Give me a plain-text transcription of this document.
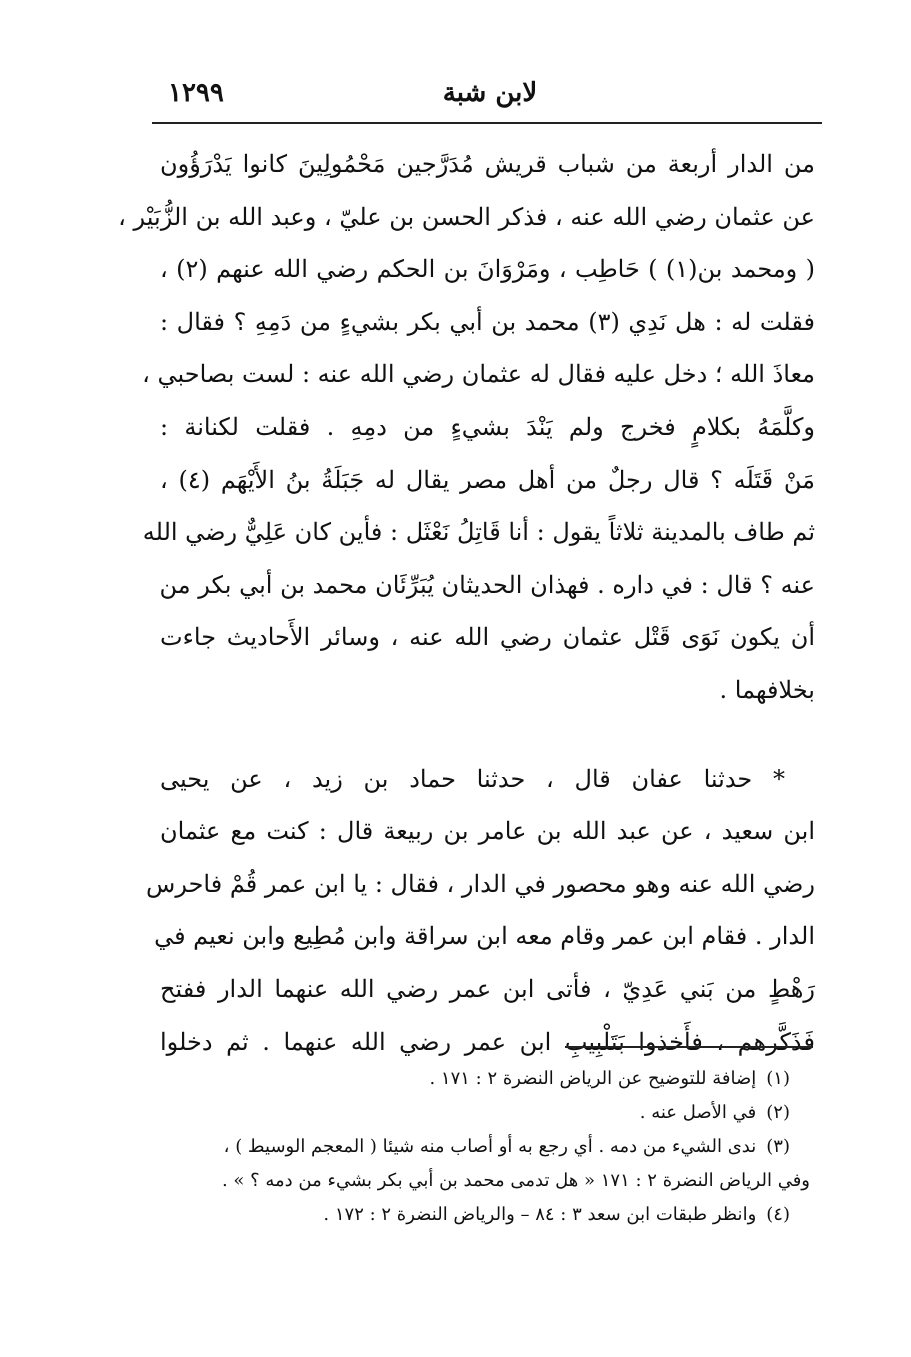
١٢٩٩	لابن شبة
من الدار أربعة من شباب قريش مُدَرَّجين مَحْمُولِينَ كانوا يَدْرَؤُون
عن عثمان رضي الله عنه ، فذكر الحسن بن عليّ ، وعبد الله بن الزُّبَيْر ،
( ومحمد بن(١) ) حَاطِب ، ومَرْوَانَ بن الحكم رضي الله عنهم (٢) ،
فقلت له : هل نَدِي (٣) محمد بن أبي بكر بشيءٍ من دَمِهِ ؟ فقال :
معاذَ الله ؛ دخل عليه فقال له عثمان رضي الله عنه : لست بصاحبي ،
وكلَّمَهُ بكلامٍ فخرج ولم يَنْدَ بشيءٍ من دمِهِ . فقلت لكنانة :
مَنْ قَتَلَه ؟ قال رجلٌ من أهل مصر يقال له جَبَلَةُ بنُ الأَيْهَم (٤) ،
ثم طاف بالمدينة ثلاثاً يقول : أنا قَاتِلُ نَعْثَل : فأين كان عَلِيٌّ رضي الله
عنه ؟ قال : في داره . فهذان الحديثان يُبَرِّئَان محمد بن أبي بكر من
أن يكون نَوَى قَتْل عثمان رضي الله عنه ، وسائر الأَحاديث جاءت
بخلافهما .
* حدثنا عفان قال ، حدثنا حماد بن زيد ، عن يحيى
ابن سعيد ، عن عبد الله بن عامر بن ربيعة قال : كنت مع عثمان
رضي الله عنه وهو محصور في الدار ، فقال : يا ابن عمر قُمْ فاحرس
الدار . فقام ابن عمر وقام معه ابن سراقة وابن مُطِيع وابن نعيم في
رَهْطٍ من بَني عَدِيّ ، فأتى ابن عمر رضي الله عنهما الدار ففتح
فَذَكَّرهم ، فأَخذوا بَتَلْبِيبِ ابن عمر رضي الله عنهما . ثم دخلوا
(١)إضافة للتوضيح عن الرياض النضرة ٢ : ١٧١ .
(٢)في الأصل عنه .
(٣)ندى الشيء من دمه . أي رجع به أو أصاب منه شيئا ( المعجم الوسيط ) ،
وفي الرياض النضرة ٢ : ١٧١ « هل تدمى محمد بن أبي بكر بشيء من دمه ؟ » .
(٤)وانظر طبقات ابن سعد ٣ : ٨٤ – والرياض النضرة ٢ : ١٧٢ .
